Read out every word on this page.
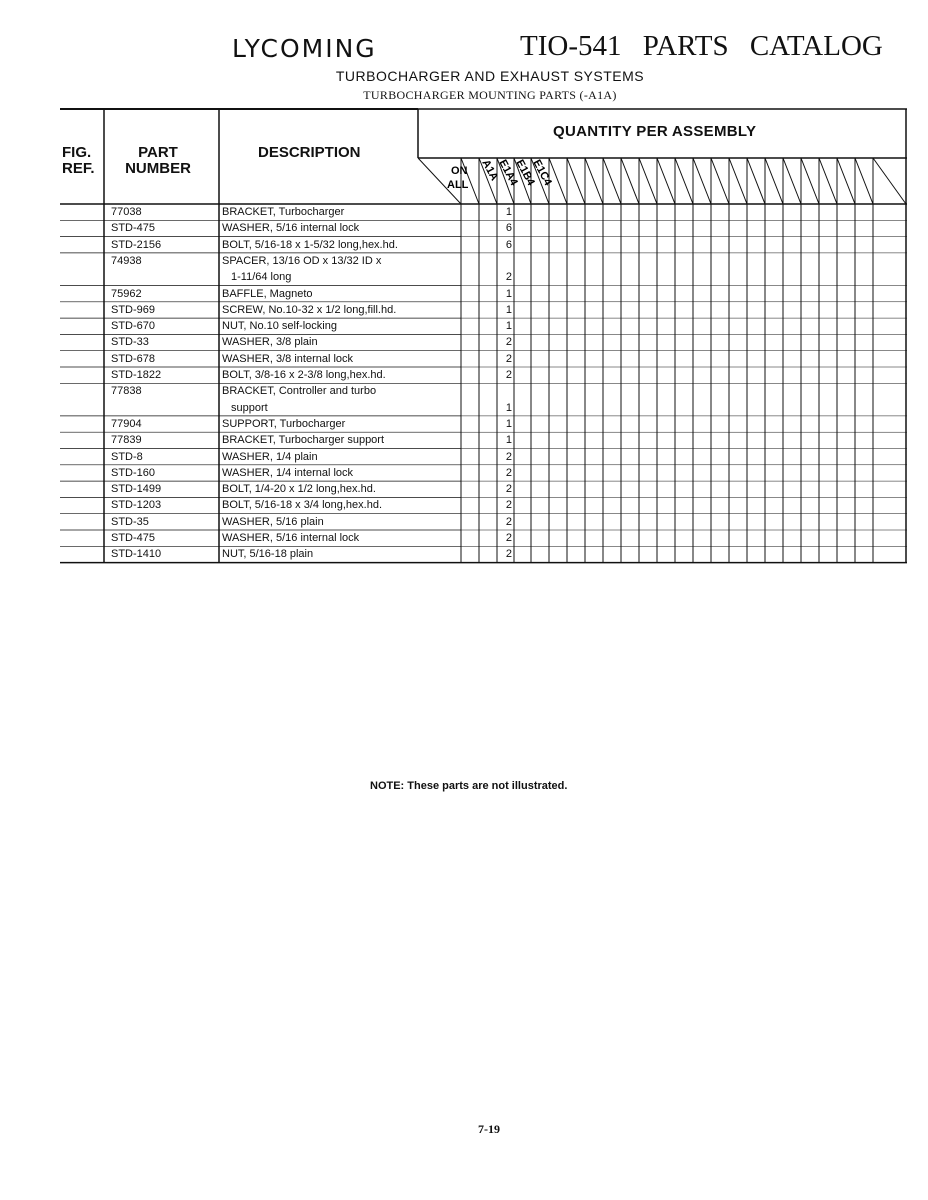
LYCOMING	TIO-541 PARTS CATALOG
TURBOCHARGER AND EXHAUST SYSTEMS
TURBOCHARGER MOUNTING PARTS (-A1A)
ON
ALL
A1A
E1A4
E1B4
E1C4
FIG.
REF.
PART
NUMBER
DESCRIPTION
QUANTITY PER ASSEMBLY
77038	BRACKET, Turbocharger	1
STD-475	WASHER, 5/16 internal lock	6
STD-2156	BOLT, 5/16-18 x 1-5/32 long,hex.hd.	6
74938	SPACER, 13/16 OD x 13/32 ID x
1-11/64 long	2
75962	BAFFLE, Magneto	1
STD-969	SCREW, No.10-32 x 1/2 long,fill.hd.	1
STD-670	NUT, No.10 self-locking	1
STD-33	WASHER, 3/8 plain	2
STD-678	WASHER, 3/8 internal lock	2
STD-1822	BOLT, 3/8-16 x 2-3/8 long,hex.hd.	2
77838	BRACKET, Controller and turbo
support	1
77904	SUPPORT, Turbocharger	1
77839	BRACKET, Turbocharger support	1
STD-8	WASHER, 1/4 plain	2
STD-160	WASHER, 1/4 internal lock	2
STD-1499	BOLT, 1/4-20 x 1/2 long,hex.hd.	2
STD-1203	BOLT, 5/16-18 x 3/4 long,hex.hd.	2
STD-35	WASHER, 5/16 plain	2
STD-475	WASHER, 5/16 internal lock	2
STD-1410	NUT, 5/16-18 plain	2
NOTE: These parts are not illustrated.
7-19
